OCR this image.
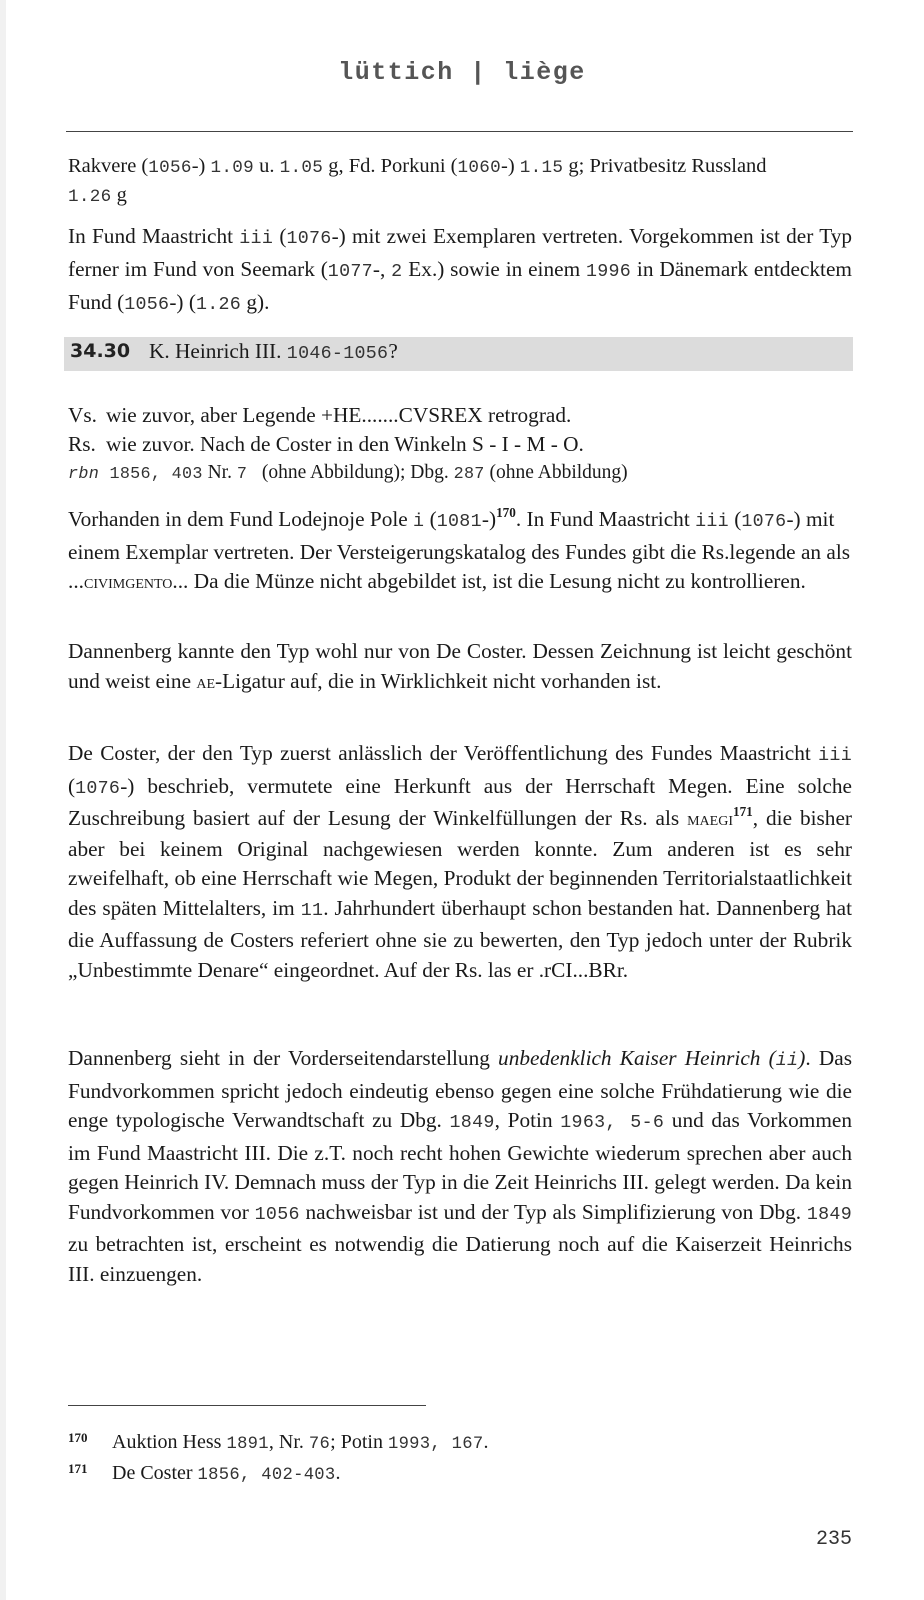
lüttich | liège
Rakvere (1056-) 1.09 u. 1.05 g, Fd. Porkuni (1060-) 1.15 g; Privatbesitz Russland
1.26 g
In Fund Maastricht iii (1076-) mit zwei Exemplaren vertreten. Vorgekommen ist der Typ ferner im Fund von Seemark (1077-, 2 Ex.) sowie in einem 1996 in Dänemark entdecktem Fund (1056-) (1.26 g).
34.30 K. Heinrich III. 1046-1056?
Vs. wie zuvor, aber Legende +HE.......CVSREX retrograd.
Rs. wie zuvor. Nach de Coster in den Winkeln S - I - M - O.
rbn 1856, 403 Nr. 7   (ohne Abbildung); Dbg. 287 (ohne Abbildung)
Vorhanden in dem Fund Lodejnoje Pole i $(1081-)^{170}$. In Fund Maastricht iii (1076-) mit einem Exemplar vertreten. Der Versteigerungskatalog des Fundes gibt die Rs.legende an als ...civimgento... Da die Münze nicht abgebildet ist, ist die Lesung nicht zu kontrollieren.
Dannenberg kannte den Typ wohl nur von De Coster. Dessen Zeichnung ist leicht geschönt und weist eine ae-Ligatur auf, die in Wirklichkeit nicht vorhanden ist.
De Coster, der den Typ zuerst anlässlich der Veröffentlichung des Fundes Maastricht iii (1076-) beschrieb, vermutete eine Herkunft aus der Herrschaft Megen. Eine solche Zuschreibung basiert auf der Lesung der Winkelfüllungen der Rs. als maegi$^{171}$, die bisher aber bei keinem Original nachgewiesen werden konnte. Zum anderen ist es sehr zweifelhaft, ob eine Herrschaft wie Megen, Produkt der beginnenden Territorialstaatlichkeit des späten Mittelalters, im 11. Jahrhundert überhaupt schon bestanden hat. Dannenberg hat die Auffassung de Costers referiert ohne sie zu bewerten, den Typ jedoch unter der Rubrik „Unbestimmte Denare“ eingeordnet. Auf der Rs. las er .rCI...BRr.
Dannenberg sieht in der Vorderseitendarstellung unbedenklich Kaiser Heinrich (ii). Das Fundvorkommen spricht jedoch eindeutig ebenso gegen eine solche Frühdatierung wie die enge typologische Verwandtschaft zu Dbg. 1849, Potin 1963, 5-6 und das Vorkommen im Fund Maastricht III. Die z.T. noch recht hohen Gewichte wiederum sprechen aber auch gegen Heinrich IV. Demnach muss der Typ in die Zeit Heinrichs III. gelegt werden. Da kein Fundvorkommen vor 1056 nachweisbar ist und der Typ als Simplifizierung von Dbg. 1849 zu betrachten ist, erscheint es notwendig die Datierung noch auf die Kaiserzeit Heinrichs III. einzuengen.
170 Auktion Hess 1891, Nr. 76; Potin 1993, 167.
171 De Coster 1856, 402-403.
235
